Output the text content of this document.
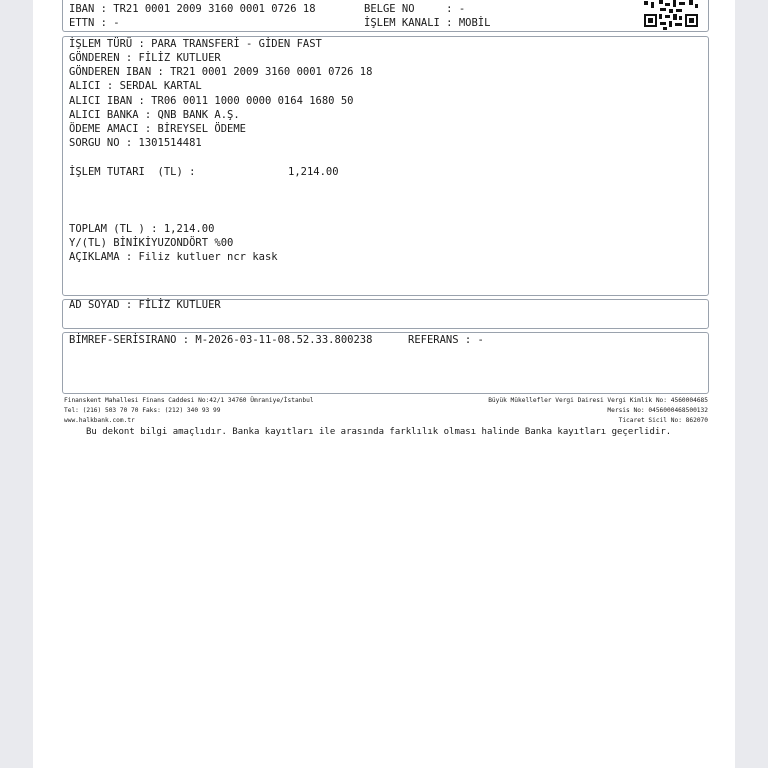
IBAN : TR21 0001 2009 3160 0001 0726 18
ETTN : -
BELGE NO     : -
İŞLEM KANALI : MOBİL
İŞLEM TÜRÜ : PARA TRANSFERİ - GİDEN FAST
GÖNDEREN : FİLİZ KUTLUER
GÖNDEREN IBAN : TR21 0001 2009 3160 0001 0726 18
ALICI : SERDAL KARTAL
ALICI IBAN : TR06 0011 1000 0000 0164 1680 50
ALICI BANKA : QNB BANK A.Ş.
ÖDEME AMACI : BİREYSEL ÖDEME
SORGU NO : 1301514481
İŞLEM TUTARI  (TL) :	1,214.00
TOPLAM (TL ) : 1,214.00
Y/(TL) BİNİKİYUZONDÖRT %00
AÇIKLAMA : Filiz kutluer ncr kask
AD SOYAD : FİLİZ KUTLUER
BİMREF-SERİSIRANO : M-2026-03-11-08.52.33.800238	REFERANS : -
Finanskent Mahallesi Finans Caddesi No:42/1 34760 Ümraniye/İstanbul
Tel: (216) 503 70 70 Faks: (212) 340 93 99
www.halkbank.com.tr
Büyük Mükellefler Vergi Dairesi Vergi Kimlik No: 4560004685
Mersis No: 0456000468500132
Ticaret Sicil No: 862070
Bu dekont bilgi amaçlıdır. Banka kayıtları ile arasında farklılık olması halinde Banka kayıtları geçerlidir.
